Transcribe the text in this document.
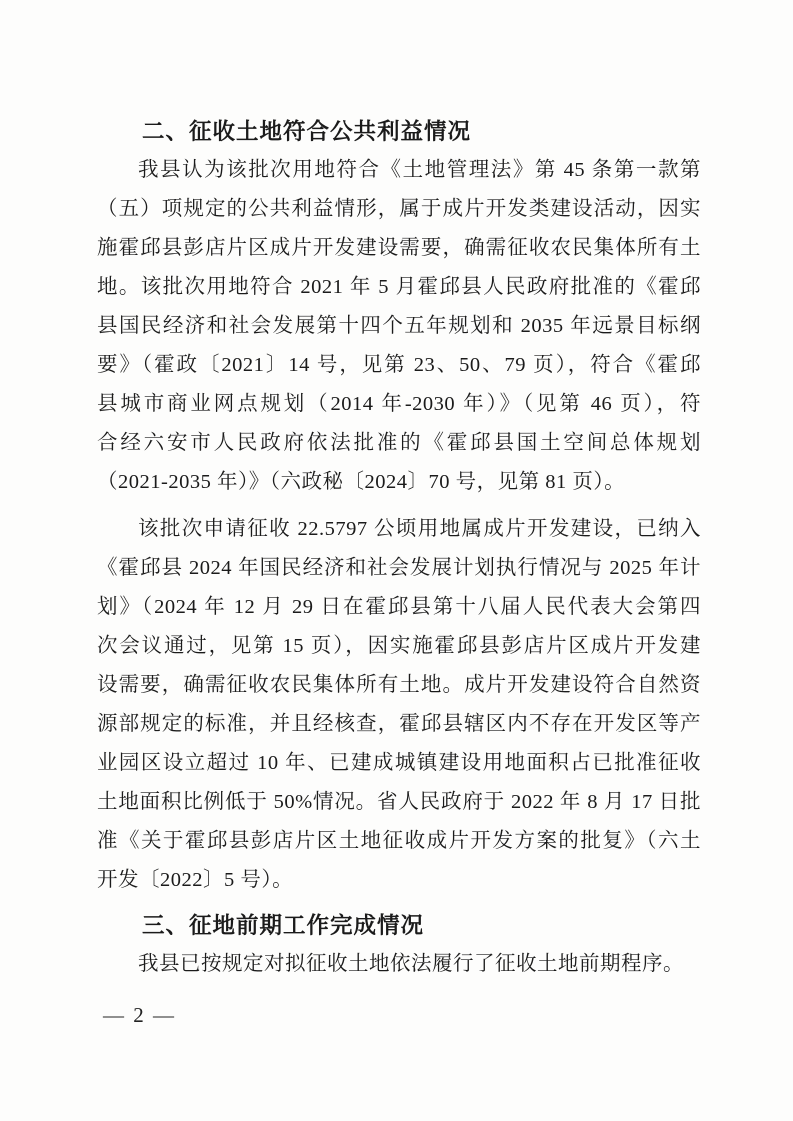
二、征收土地符合公共利益情况
我县认为该批次用地符合《土地管理法》第 45 条第一款第
（五）项规定的公共利益情形，属于成片开发类建设活动，因实
施霍邱县彭店片区成片开发建设需要，确需征收农民集体所有土
地。该批次用地符合 2021 年 5 月霍邱县人民政府批准的《霍邱
县国民经济和社会发展第十四个五年规划和 2035 年远景目标纲
要》（霍政〔2021〕14 号，见第 23、50、79 页），符合《霍邱
县城市商业网点规划（2014 年-2030 年）》（见第 46 页），符
合经六安市人民政府依法批准的《霍邱县国土空间总体规划
（2021-2035 年）》（六政秘〔2024〕70 号，见第 81 页）。
该批次申请征收 22.5797 公顷用地属成片开发建设，已纳入
《霍邱县 2024 年国民经济和社会发展计划执行情况与 2025 年计
划》（2024 年 12 月 29 日在霍邱县第十八届人民代表大会第四
次会议通过，见第 15 页），因实施霍邱县彭店片区成片开发建
设需要，确需征收农民集体所有土地。成片开发建设符合自然资
源部规定的标准，并且经核查，霍邱县辖区内不存在开发区等产
业园区设立超过 10 年、已建成城镇建设用地面积占已批准征收
土地面积比例低于 50%情况。省人民政府于 2022 年 8 月 17 日批
准《关于霍邱县彭店片区土地征收成片开发方案的批复》（六土
开发〔2022〕5 号）。
三、征地前期工作完成情况
我县已按规定对拟征收土地依法履行了征收土地前期程序。
— 2 —
